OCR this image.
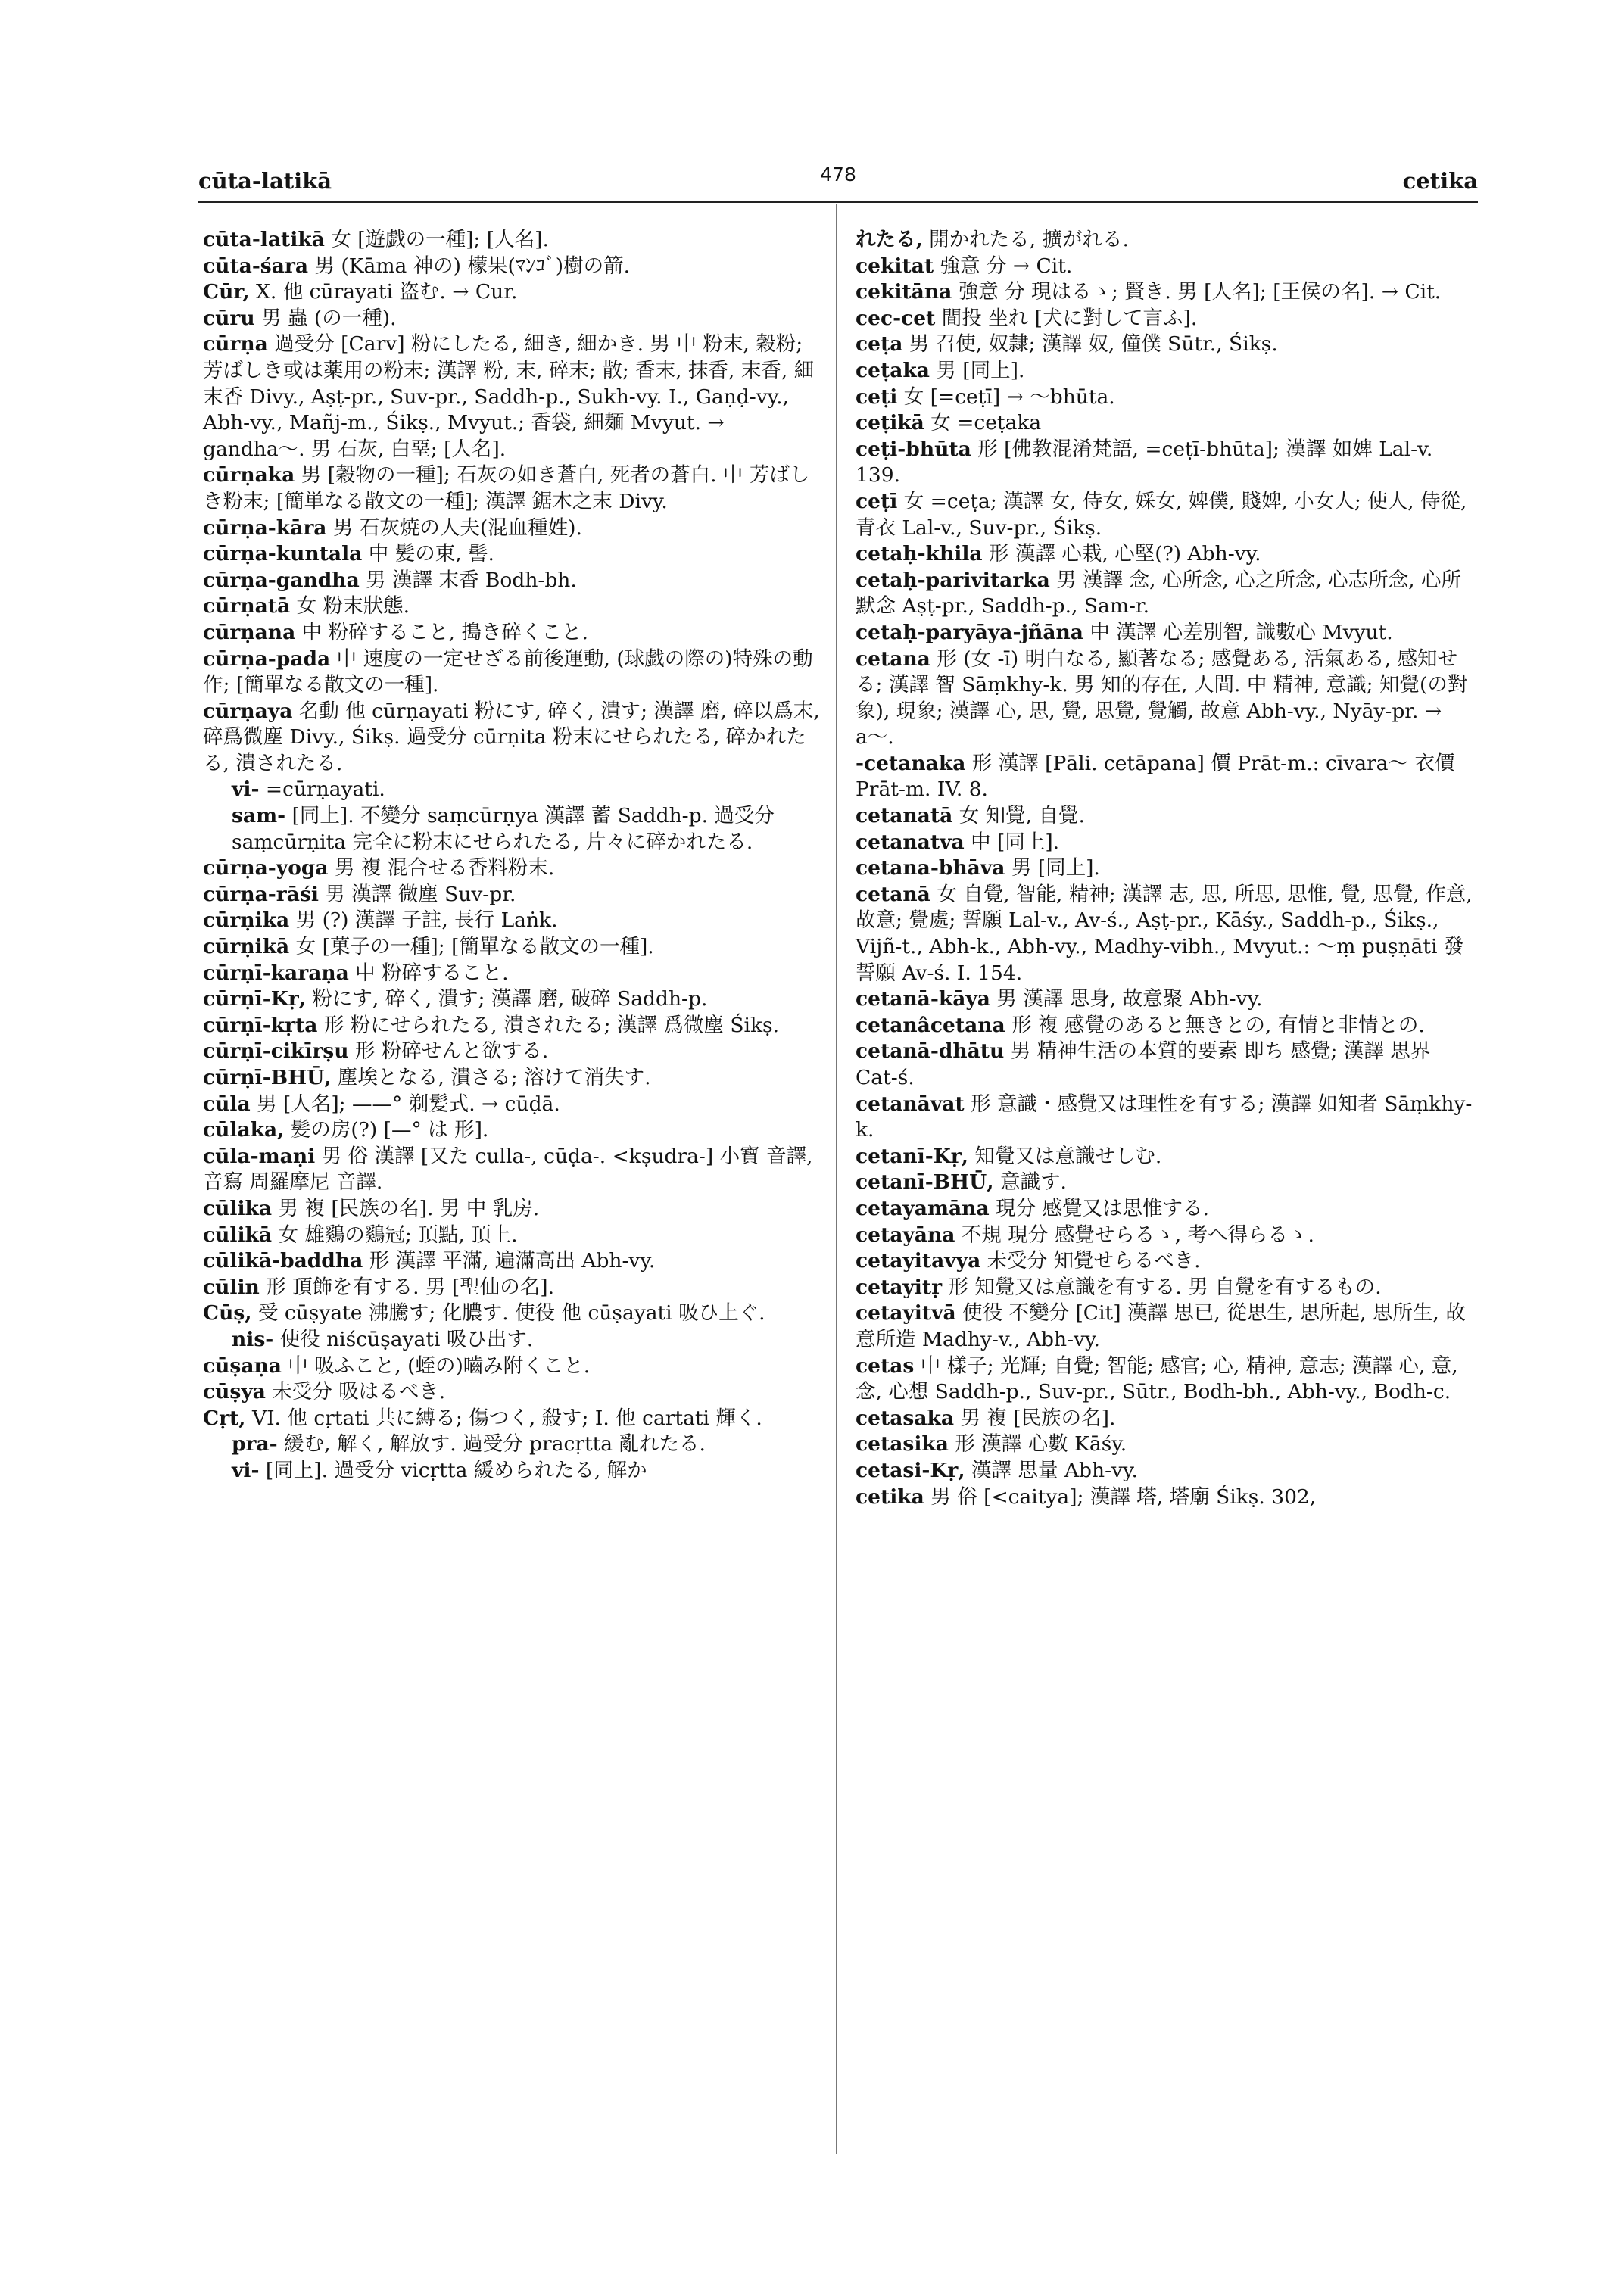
cūta-latikā	478	cetika

cūta-latikā 女 [遊戯の一種]; [人名].

cūta-śara 男 (Kāma 神の) 檬果(ﾏﾝｺﾞ)樹の箭.

Cūr, X. 他 cūrayati 盗む. → Cur.

cūru 男 蟲 (の一種).

cūrṇa 過受分 [Carv] 粉にしたる, 細き, 細かき. 男 中 粉末, 穀粉; 芳ばしき或は薬用の粉末; 漢譯 粉, 末, 碎末; 散; 香末, 抹香, 末香, 細末香 Divy., Aṣṭ-pr., Suv-pr., Saddh-p., Sukh-vy. I., Gaṇḍ-vy., Abh-vy., Mañj-m., Śikṣ., Mvyut.; 香袋, 細麺 Mvyut. → gandha〜. 男 石灰, 白堊; [人名].

cūrṇaka 男 [穀物の一種]; 石灰の如き蒼白, 死者の蒼白. 中 芳ばしき粉末; [簡単なる散文の一種]; 漢譯 鋸木之末 Divy.

cūrṇa-kāra 男 石灰焼の人夫(混血種姓).

cūrṇa-kuntala 中 髪の束, 髻.

cūrṇa-gandha 男 漢譯 末香 Bodh-bh.

cūrṇatā 女 粉末狀態.

cūrṇana 中 粉碎すること, 搗き碎くこと.

cūrṇa-pada 中 速度の一定せざる前後運動, (球戯の際の)特殊の動作; [簡單なる散文の一種].

cūrṇaya 名動 他 cūrṇayati 粉にす, 碎く, 潰す; 漢譯 磨, 碎以爲末, 碎爲微塵 Divy., Śikṣ. 過受分 cūrṇita 粉末にせられたる, 碎かれたる, 潰されたる.

vi- =cūrṇayati.

sam- [同上]. 不變分 saṃcūrṇya 漢譯 蓄 Saddh-p. 過受分 saṃcūrṇita 完全に粉末にせられたる, 片々に碎かれたる.

cūrṇa-yoga 男 複 混合せる香料粉末.

cūrṇa-rāśi 男 漢譯 微塵 Suv-pr.

cūrṇika 男 (?) 漢譯 子註, 長行 Laṅk.

cūrṇikā 女 [菓子の一種]; [簡單なる散文の一種].

cūrṇī-karaṇa 中 粉碎すること.

cūrṇī-Kṛ, 粉にす, 碎く, 潰す; 漢譯 磨, 破碎 Saddh-p.

cūrṇī-kṛta 形 粉にせられたる, 潰されたる; 漢譯 爲微塵 Śikṣ.

cūrṇī-cikīrṣu 形 粉碎せんと欲する.

cūrṇī-BHŪ, 塵埃となる, 潰さる; 溶けて消失す.

cūla 男 [人名]; ——° 剃髪式. → cūḍā.

cūlaka, 髪の房(?) [—° は 形].

cūla-maṇi 男 俗 漢譯 [又た culla-, cūḍa-. <kṣudra-] 小寶 音譯, 音寫 周羅摩尼 音譯.

cūlika 男 複 [民族の名]. 男 中 乳房.

cūlikā 女 雄鷄の鷄冠; 頂點, 頂上.

cūlikā-baddha 形 漢譯 平滿, 遍滿高出 Abh-vy.

cūlin 形 頂飾を有する. 男 [聖仙の名].

Cūṣ, 受 cūṣyate 沸騰す; 化膿す. 使役 他 cūṣayati 吸ひ上ぐ.

nis- 使役 niścūṣayati 吸ひ出す.

cūṣaṇa 中 吸ふこと, (蛭の)嚙み附くこと.

cūṣya 未受分 吸はるべき.

Cṛt, VI. 他 cṛtati 共に縛る; 傷つく, 殺す; I. 他 cartati 輝く.

pra- 緩む, 解く, 解放す. 過受分 pracṛtta 亂れたる.

vi- [同上]. 過受分 vicṛtta 緩められたる, 解か

れたる, 開かれたる, 擴がれる.

cekitat 強意 分 → Cit.

cekitāna 強意 分 現はるゝ; 賢き. 男 [人名]; [王侯の名]. → Cit.

cec-cet 間投 坐れ [犬に對して言ふ].

ceṭa 男 召使, 奴隷; 漢譯 奴, 僮僕 Sūtr., Śikṣ.

ceṭaka 男 [同上].

ceṭi 女 [=ceṭī] → 〜bhūta.

ceṭikā 女 =ceṭaka

ceṭi-bhūta 形 [佛教混淆梵語, =ceṭī-bhūta]; 漢譯 如婢 Lal-v. 139.

ceṭī 女 =ceṭa; 漢譯 女, 侍女, 婇女, 婢僕, 賤婢, 小女人; 使人, 侍從, 青衣 Lal-v., Suv-pr., Śikṣ.

cetaḥ-khila 形 漢譯 心栽, 心堅(?) Abh-vy.

cetaḥ-parivitarka 男 漢譯 念, 心所念, 心之所念, 心志所念, 心所默念 Aṣṭ-pr., Saddh-p., Sam-r.

cetaḥ-paryāya-jñāna 中 漢譯 心差別智, 識數心 Mvyut.

cetana 形 (女 -ī) 明白なる, 顯著なる; 感覺ある, 活氣ある, 感知せる; 漢譯 智 Sāṃkhy-k. 男 知的存在, 人間. 中 精神, 意識; 知覺(の對象), 現象; 漢譯 心, 思, 覺, 思覺, 覺觸, 故意 Abh-vy., Nyāy-pr. → a〜.

-cetanaka 形 漢譯 [Pāli. cetāpana] 價 Prāt-m.: cīvara〜 衣價 Prāt-m. IV. 8.

cetanatā 女 知覺, 自覺.

cetanatva 中 [同上].

cetana-bhāva 男 [同上].

cetanā 女 自覺, 智能, 精神; 漢譯 志, 思, 所思, 思惟, 覺, 思覺, 作意, 故意; 覺處; 誓願 Lal-v., Av-ś., Aṣṭ-pr., Kāśy., Saddh-p., Śikṣ., Vijñ-t., Abh-k., Abh-vy., Madhy-vibh., Mvyut.: 〜ṃ puṣṇāti 發誓願 Av-ś. I. 154.

cetanā-kāya 男 漢譯 思身, 故意聚 Abh-vy.

cetanâcetana 形 複 感覺のあると無きとの, 有情と非情との.

cetanā-dhātu 男 精神生活の本質的要素 即ち 感覺; 漢譯 思界 Cat-ś.

cetanāvat 形 意識・感覺又は理性を有する; 漢譯 如知者 Sāṃkhy-k.

cetanī-Kṛ, 知覺又は意識せしむ.

cetanī-BHŪ, 意識す.

cetayamāna 現分 感覺又は思惟する.

cetayāna 不規 現分 感覺せらるゝ, 考へ得らるゝ.

cetayitavya 未受分 知覺せらるべき.

cetayitṛ 形 知覺又は意識を有する. 男 自覺を有するもの.

cetayitvā 使役 不變分 [Cit] 漢譯 思已, 從思生, 思所起, 思所生, 故意所造 Madhy-v., Abh-vy.

cetas 中 樣子; 光輝; 自覺; 智能; 感官; 心, 精神, 意志; 漢譯 心, 意, 念, 心想 Saddh-p., Suv-pr., Sūtr., Bodh-bh., Abh-vy., Bodh-c.

cetasaka 男 複 [民族の名].

cetasika 形 漢譯 心數 Kāśy.

cetasi-Kṛ, 漢譯 思量 Abh-vy.

cetika 男 俗 [<caitya]; 漢譯 塔, 塔廟 Śikṣ. 302,
